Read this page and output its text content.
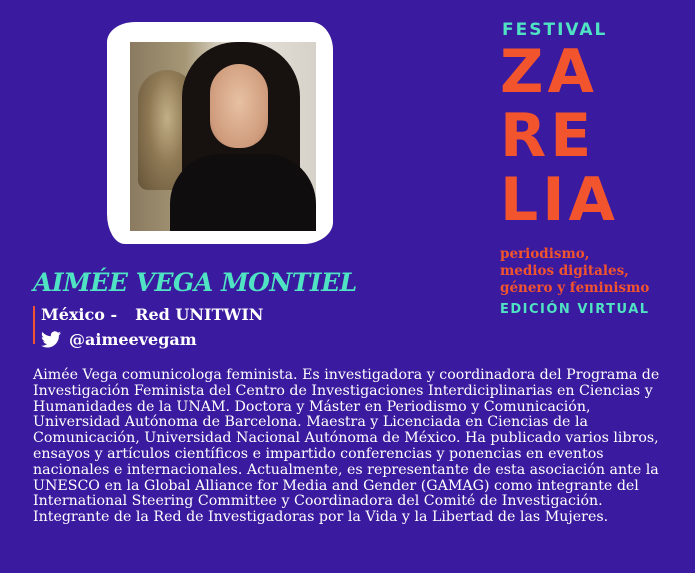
FESTIVAL
ZA
RE
LIA
periodismo,
medios digitales,
género y feminismo
EDICIÓN VIRTUAL
AIMÉE VEGA MONTIEL
México - Red UNITWIN
@aimeevegam

Aimée Vega comunicologa feminista. Es investigadora y coordinadora del Programa de Investigación Feminista del Centro de Investigaciones Interdiciplinarias en Ciencias y Humanidades de la UNAM. Doctora y Máster en Periodismo y Comunicación, Universidad Autónoma de Barcelona. Maestra y Licenciada en Ciencias de la Comunicación, Universidad Nacional Autónoma de México. Ha publicado varios libros, ensayos y artículos científicos e impartido conferencias y ponencias en eventos nacionales e internacionales. Actualmente, es representante de esta asociación ante la UNESCO en la Global Alliance for Media and Gender (GAMAG) como integrante del International Steering Committee y Coordinadora del Comité de Investigación. Integrante de la Red de Investigadoras por la Vida y la Libertad de las Mujeres.
